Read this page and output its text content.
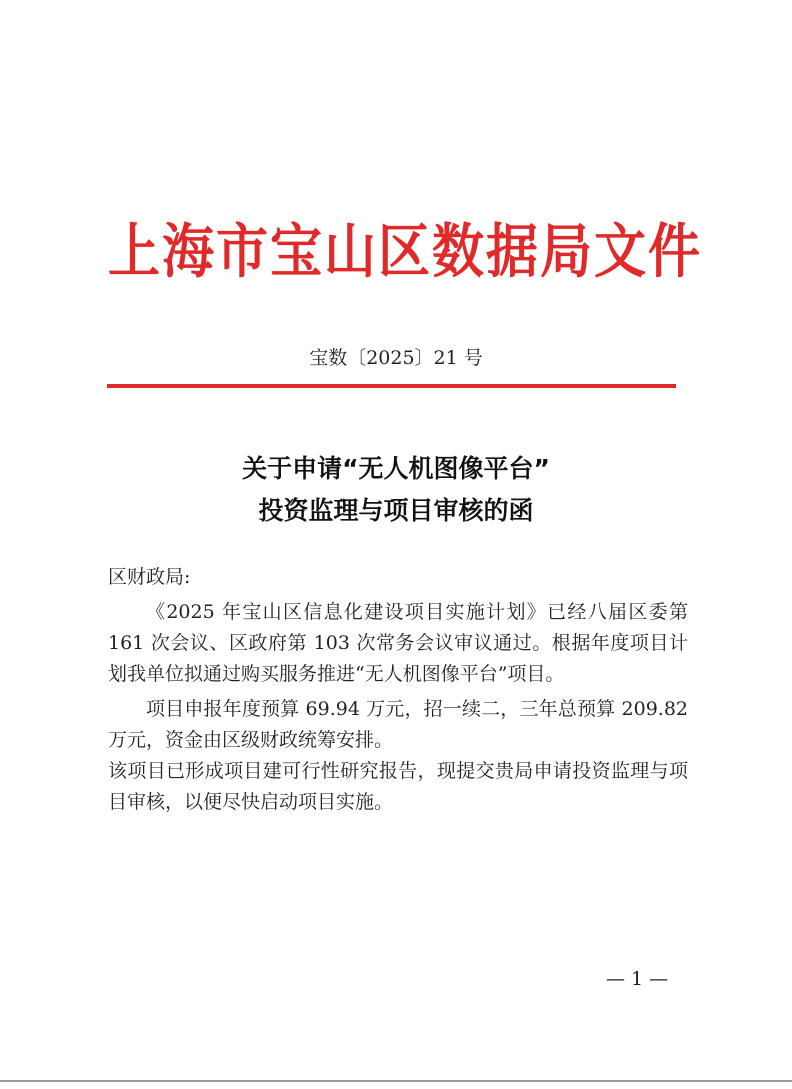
上海市宝山区数据局文件
宝数〔2025〕21 号
关于申请“无人机图像平台”
投资监理与项目审核的函

区财政局:

《2025 年宝山区信息化建设项目实施计划》已经八届区委第 161 次会议、区政府第 103 次常务会议审议通过。根据年度项目计划我单位拟通过购买服务推进“无人机图像平台”项目。

项目申报年度预算 69.94 万元，招一续二，三年总预算 209.82 万元，资金由区级财政统筹安排。

该项目已形成项目建可行性研究报告，现提交贵局申请投资监理与项目审核，以便尽快启动项目实施。

— 1 —
